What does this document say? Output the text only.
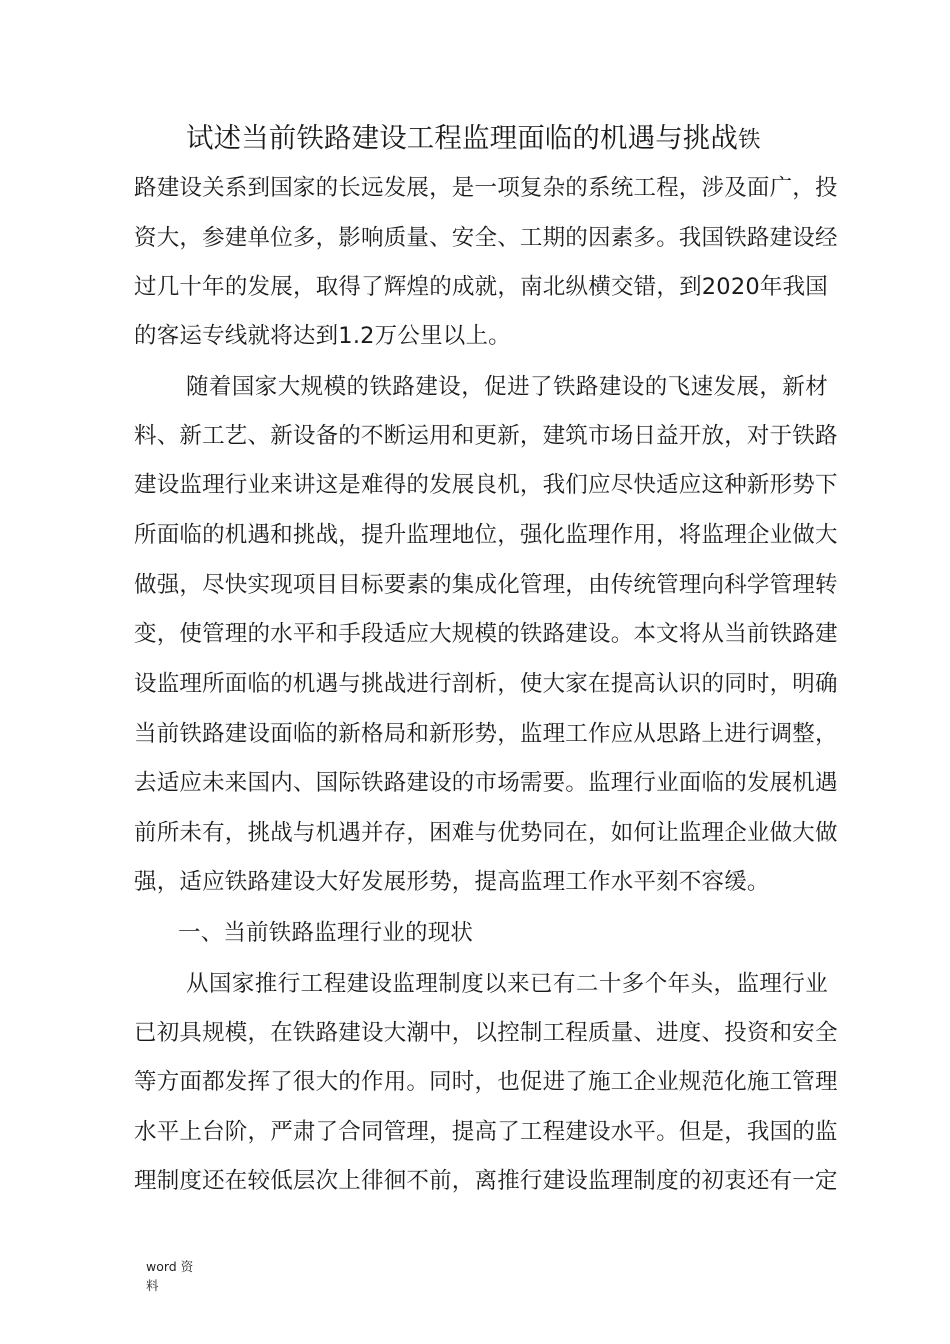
试述当前铁路建设工程监理面临的机遇与挑战铁
路建设关系到国家的长远发展，是一项复杂的系统工程，涉及面广，投
资大，参建单位多，影响质量、安全、工期的因素多。我国铁路建设经
过几十年的发展，取得了辉煌的成就，南北纵横交错，到2020年我国
的客运专线就将达到1.2万公里以上。
随着国家大规模的铁路建设，促进了铁路建设的飞速发展，新材
料、新工艺、新设备的不断运用和更新，建筑市场日益开放，对于铁路
建设监理行业来讲这是难得的发展良机，我们应尽快适应这种新形势下
所面临的机遇和挑战，提升监理地位，强化监理作用，将监理企业做大
做强，尽快实现项目目标要素的集成化管理，由传统管理向科学管理转
变，使管理的水平和手段适应大规模的铁路建设。本文将从当前铁路建
设监理所面临的机遇与挑战进行剖析，使大家在提高认识的同时，明确
当前铁路建设面临的新格局和新形势，监理工作应从思路上进行调整，
去适应未来国内、国际铁路建设的市场需要。监理行业面临的发展机遇
前所未有，挑战与机遇并存，困难与优势同在，如何让监理企业做大做
强，适应铁路建设大好发展形势，提高监理工作水平刻不容缓。
一、当前铁路监理行业的现状
从国家推行工程建设监理制度以来已有二十多个年头，监理行业
已初具规模，在铁路建设大潮中，以控制工程质量、进度、投资和安全
等方面都发挥了很大的作用。同时，也促进了施工企业规范化施工管理
水平上台阶，严肃了合同管理，提高了工程建设水平。但是，我国的监
理制度还在较低层次上徘徊不前，离推行建设监理制度的初衷还有一定
word 资
料
